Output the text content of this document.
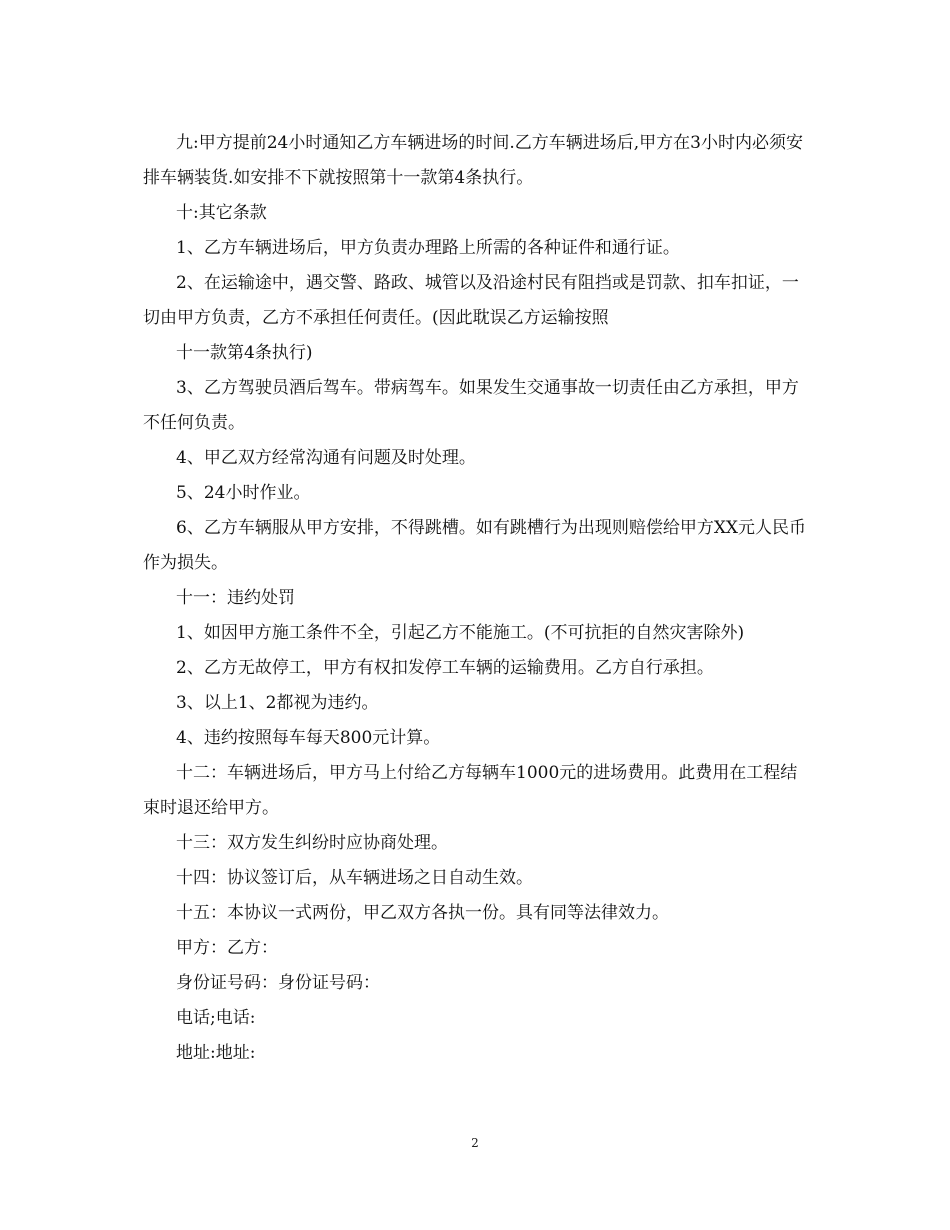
九:甲方提前24小时通知乙方车辆进场的时间.乙方车辆进场后,甲方在3小时内必须安排车辆装货.如安排不下就按照第十一款第4条执行。

十:其它条款

1、乙方车辆进场后，甲方负责办理路上所需的各种证件和通行证。

2、在运输途中，遇交警、路政、城管以及沿途村民有阻挡或是罚款、扣车扣证，一切由甲方负责，乙方不承担任何责任。(因此耽误乙方运输按照

十一款第4条执行)

3、乙方驾驶员酒后驾车。带病驾车。如果发生交通事故一切责任由乙方承担，甲方不任何负责。

4、甲乙双方经常沟通有问题及时处理。

5、24小时作业。

6、乙方车辆服从甲方安排，不得跳槽。如有跳槽行为出现则赔偿给甲方XX元人民币作为损失。

十一：违约处罚

1、如因甲方施工条件不全，引起乙方不能施工。(不可抗拒的自然灾害除外)

2、乙方无故停工，甲方有权扣发停工车辆的运输费用。乙方自行承担。

3、以上1、2都视为违约。

4、违约按照每车每天800元计算。

十二：车辆进场后，甲方马上付给乙方每辆车1000元的进场费用。此费用在工程结束时退还给甲方。

十三：双方发生纠纷时应协商处理。

十四：协议签订后，从车辆进场之日自动生效。

十五：本协议一式两份，甲乙双方各执一份。具有同等法律效力。

甲方：乙方：

身份证号码：身份证号码：

电话;电话:

地址:地址:

2
